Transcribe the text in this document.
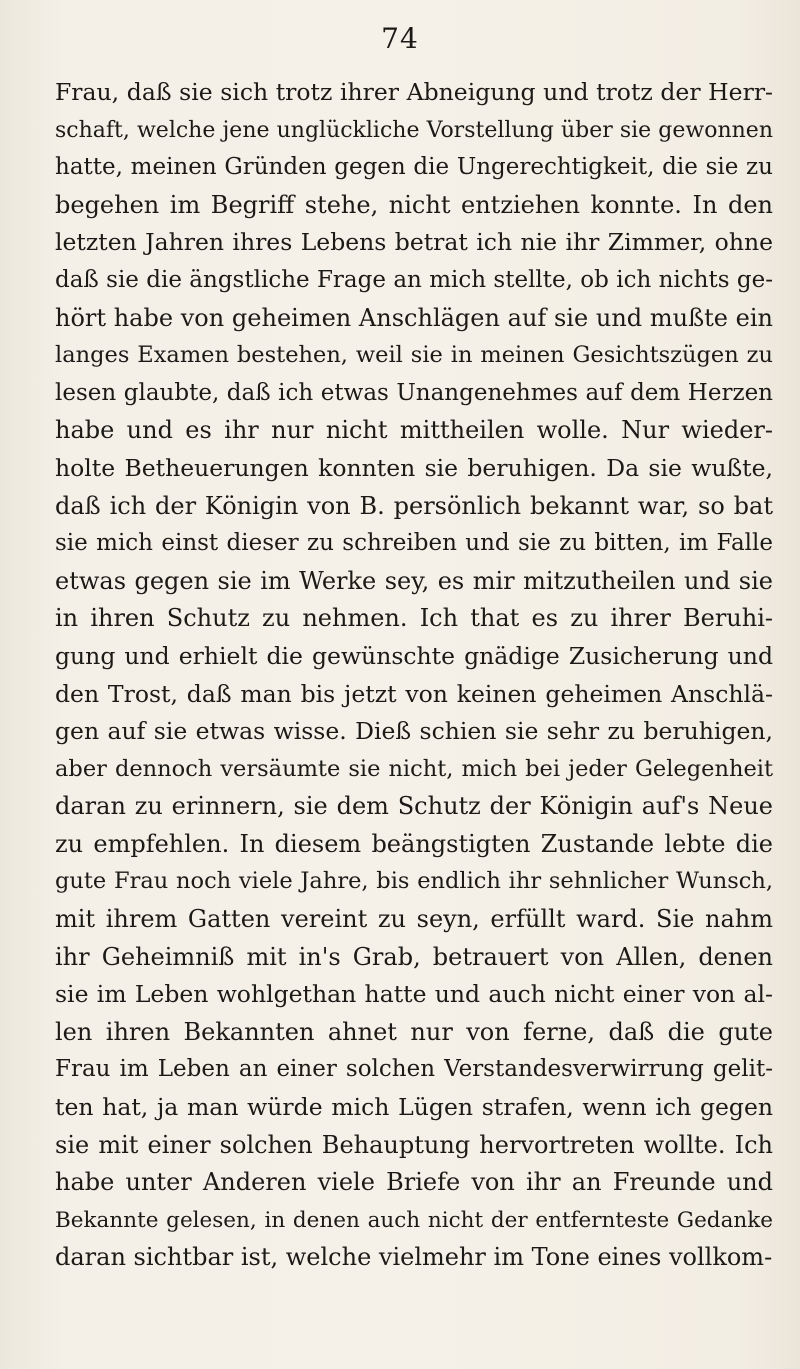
74
Frau, daß sie sich trotz ihrer Abneigung und trotz der Herr-
schaft, welche jene unglückliche Vorstellung über sie gewonnen
hatte, meinen Gründen gegen die Ungerechtigkeit, die sie zu
begehen im Begriff stehe, nicht entziehen konnte. In den
letzten Jahren ihres Lebens betrat ich nie ihr Zimmer, ohne
daß sie die ängstliche Frage an mich stellte, ob ich nichts ge-
hört habe von geheimen Anschlägen auf sie und mußte ein
langes Examen bestehen, weil sie in meinen Gesichtszügen zu
lesen glaubte, daß ich etwas Unangenehmes auf dem Herzen
habe und es ihr nur nicht mittheilen wolle. Nur wieder-
holte Betheuerungen konnten sie beruhigen. Da sie wußte,
daß ich der Königin von B. persönlich bekannt war, so bat
sie mich einst dieser zu schreiben und sie zu bitten, im Falle
etwas gegen sie im Werke sey, es mir mitzutheilen und sie
in ihren Schutz zu nehmen. Ich that es zu ihrer Beruhi-
gung und erhielt die gewünschte gnädige Zusicherung und
den Trost, daß man bis jetzt von keinen geheimen Anschlä-
gen auf sie etwas wisse. Dieß schien sie sehr zu beruhigen,
aber dennoch versäumte sie nicht, mich bei jeder Gelegenheit
daran zu erinnern, sie dem Schutz der Königin auf's Neue
zu empfehlen. In diesem beängstigten Zustande lebte die
gute Frau noch viele Jahre, bis endlich ihr sehnlicher Wunsch,
mit ihrem Gatten vereint zu seyn, erfüllt ward. Sie nahm
ihr Geheimniß mit in's Grab, betrauert von Allen, denen
sie im Leben wohlgethan hatte und auch nicht einer von al-
len ihren Bekannten ahnet nur von ferne, daß die gute
Frau im Leben an einer solchen Verstandesverwirrung gelit-
ten hat, ja man würde mich Lügen strafen, wenn ich gegen
sie mit einer solchen Behauptung hervortreten wollte. Ich
habe unter Anderen viele Briefe von ihr an Freunde und
Bekannte gelesen, in denen auch nicht der entfernteste Gedanke
daran sichtbar ist, welche vielmehr im Tone eines vollkom-
